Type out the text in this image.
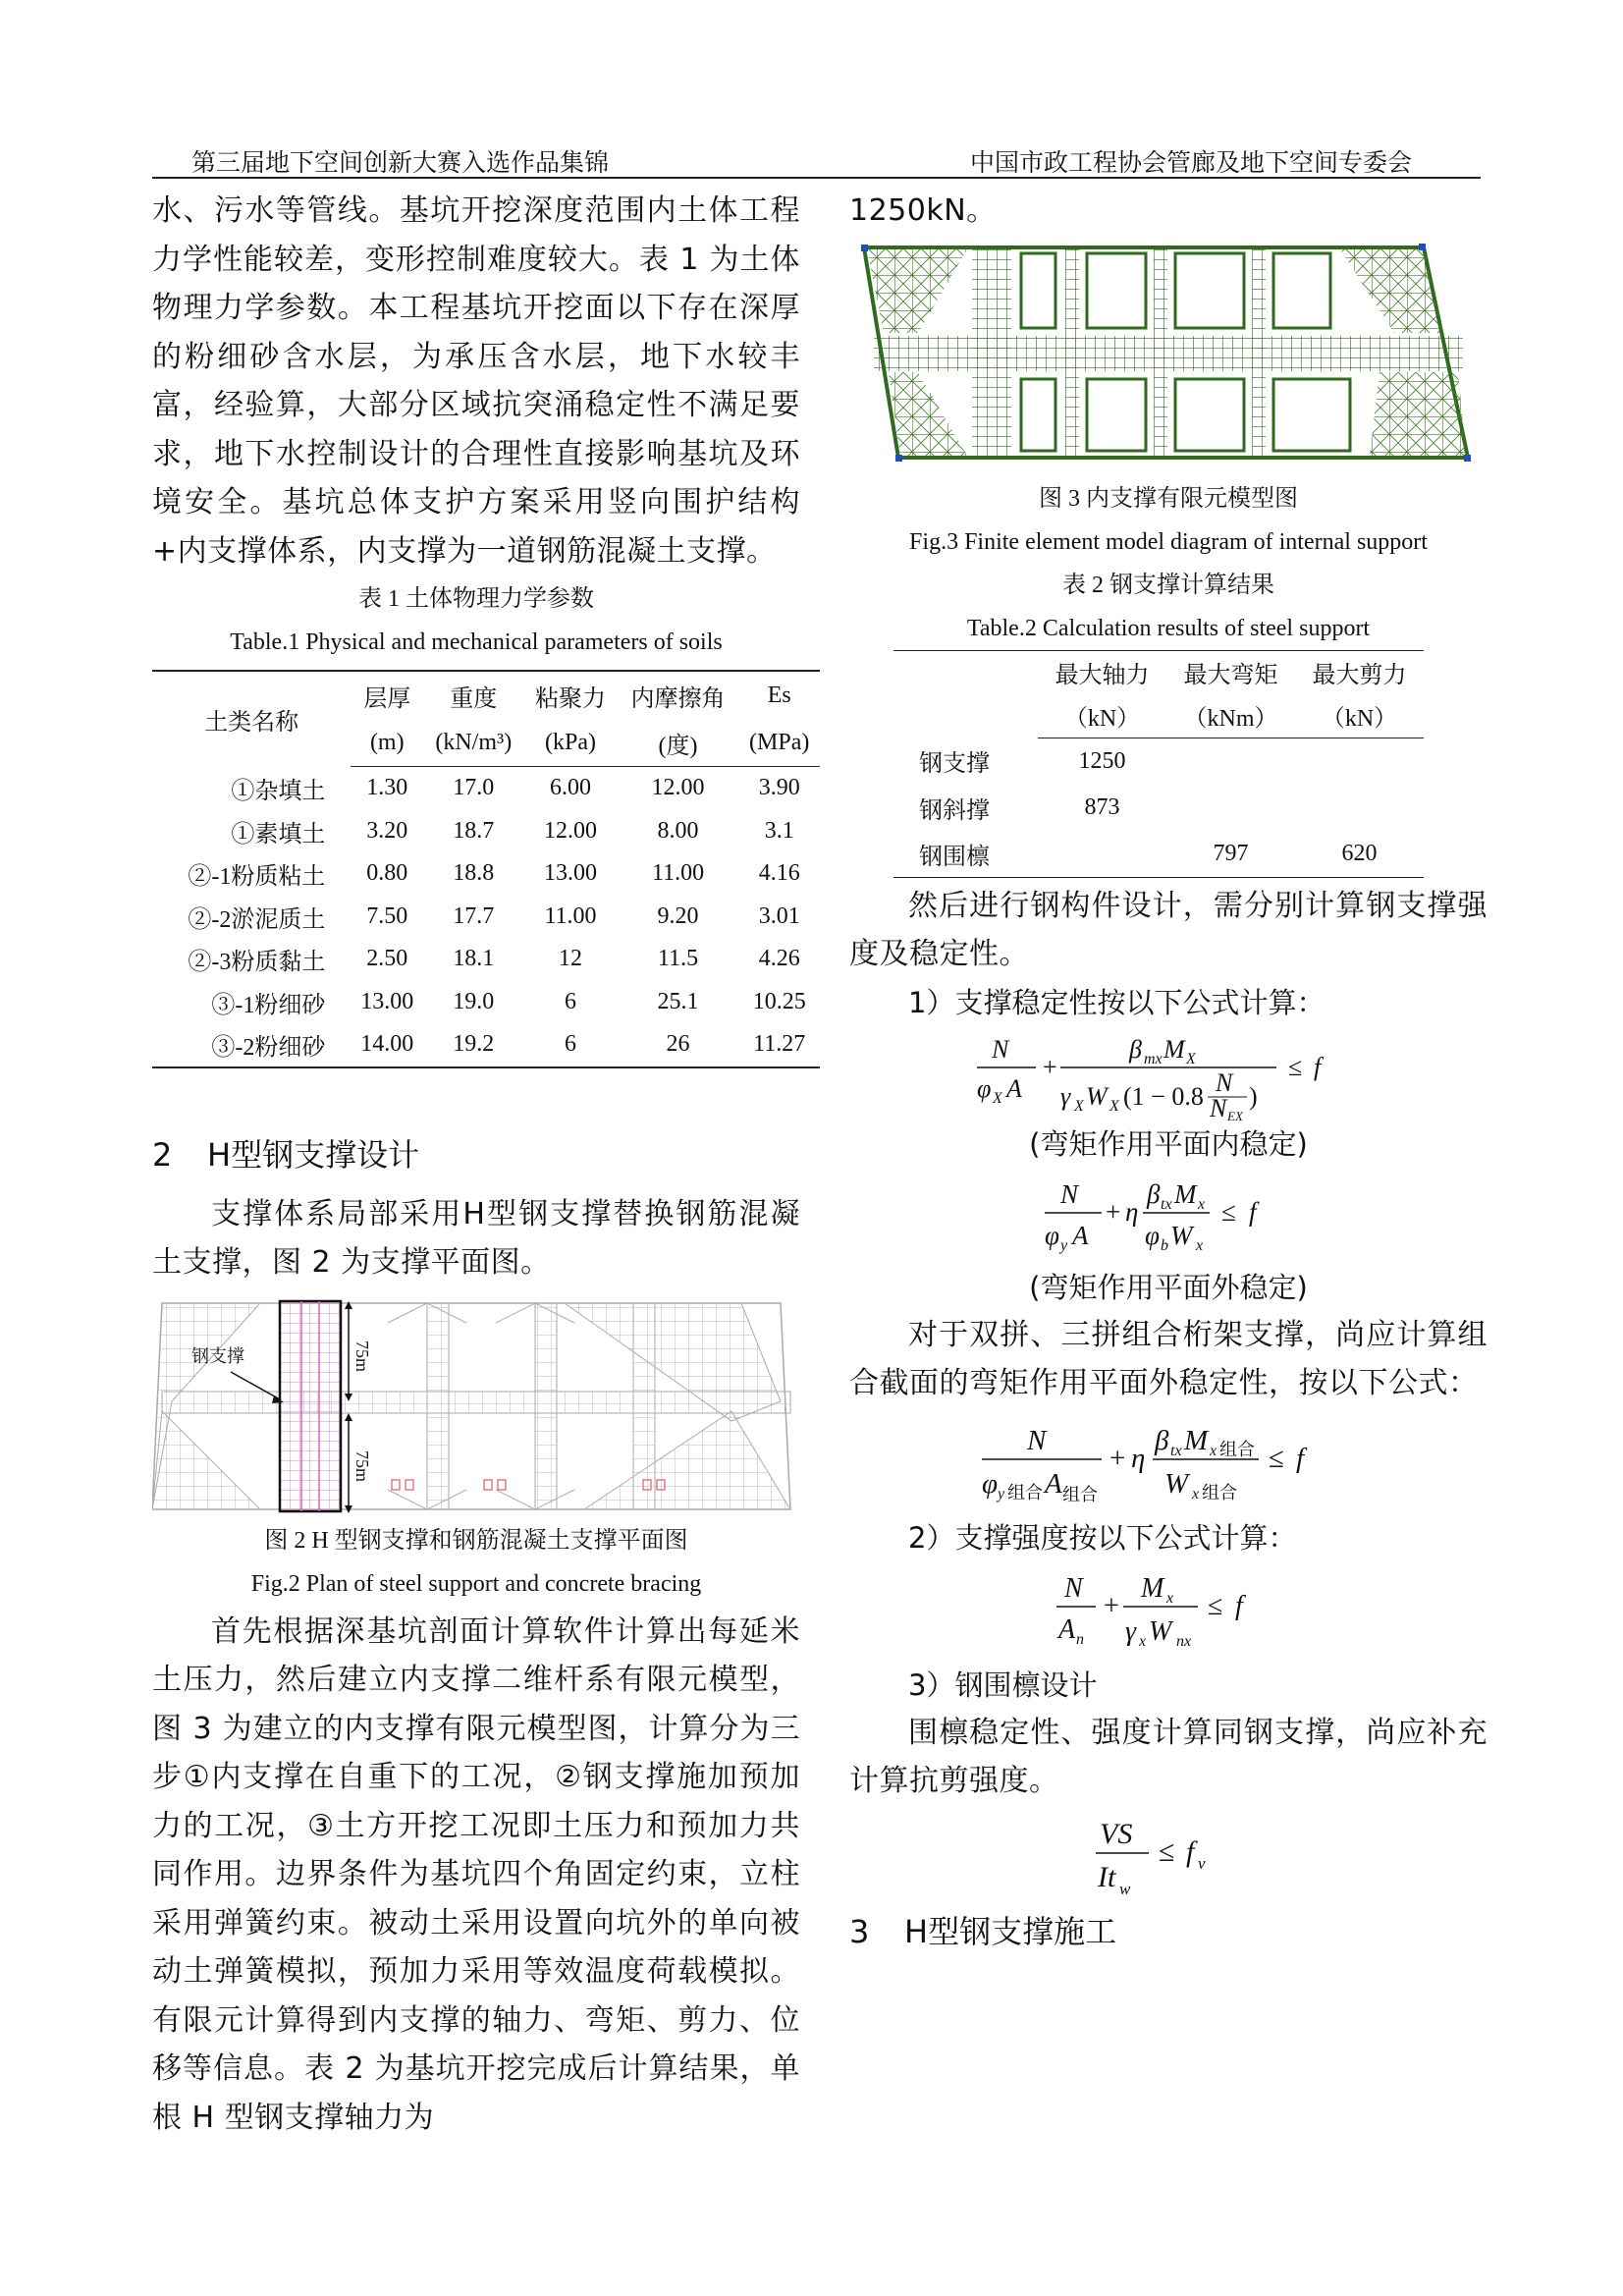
第三届地下空间创新大赛入选作品集锦	中国市政工程协会管廊及地下空间专委会

水、污水等管线。基坑开挖深度范围内土体工程力学性能较差，变形控制难度较大。表 1 为土体物理力学参数。本工程基坑开挖面以下存在深厚的粉细砂含水层，为承压含水层，地下水较丰富，经验算，大部分区域抗突涌稳定性不满足要求，地下水控制设计的合理性直接影响基坑及环境安全。基坑总体支护方案采用竖向围护结构+内支撑体系，内支撑为一道钢筋混凝土支撑。

表 1 土体物理力学参数

Table.1 Physical and mechanical parameters of soils

土类名称	层厚	重度	粘聚力	内摩擦角	Es
	(m)	(kN/m³)	(kPa)	(度)	(MPa)
①杂填土	1.30	17.0	6.00	12.00	3.90
①素填土	3.20	18.7	12.00	8.00	3.1
②-1粉质粘土	0.80	18.8	13.00	11.00	4.16
②-2淤泥质土	7.50	17.7	11.00	9.20	3.01
②-3粉质黏土	2.50	18.1	12	11.5	4.26
③-1粉细砂	13.00	19.0	6	25.1	10.25
③-2粉细砂	14.00	19.2	6	26	11.27
2 H型钢支撑设计

支撑体系局部采用H型钢支撑替换钢筋混凝土支撑，图 2 为支撑平面图。

75m
75m
钢支撑

图 2 H 型钢支撑和钢筋混凝土支撑平面图

Fig.2 Plan of steel support and concrete bracing

首先根据深基坑剖面计算软件计算出每延米土压力，然后建立内支撑二维杆系有限元模型，图 3 为建立的内支撑有限元模型图，计算分为三步①内支撑在自重下的工况，②钢支撑施加预加力的工况，③土方开挖工况即土压力和预加力共同作用。边界条件为基坑四个角固定约束，立柱采用弹簧约束。被动土采用设置向坑外的单向被动土弹簧模拟，预加力采用等效温度荷载模拟。有限元计算得到内支撑的轴力、弯矩、剪力、位移等信息。表 2 为基坑开挖完成后计算结果，单根 H 型钢支撑轴力为

1250kN。

图 3 内支撑有限元模型图

Fig.3 Finite element model diagram of internal support

表 2 钢支撑计算结果

Table.2 Calculation results of steel support

	最大轴力	最大弯矩	最大剪力
	（kN）	（kNm）	（kN）
钢支撑	1250		
钢斜撑	873		
钢围檩		797	620

然后进行钢构件设计，需分别计算钢支撑强度及稳定性。

1）支撑稳定性按以下公式计算：

N
φ X A
+
β mx M X
γ X W X (1 − 0.8 N
N EX
)
≤ f

(弯矩作用平面内稳定)

N
φ y A
+ η
β tx M x
φ b W x
≤ f

(弯矩作用平面外稳定)

对于双拼、三拼组合桁架支撑，尚应计算组合截面的弯矩作用平面外稳定性，按以下公式：

N
φ y 组合 A 组合
+ η
β tx M x 组合
W x 组合
≤ f

2）支撑强度按以下公式计算：

N
A n
+
M x
γ x W nx
≤ f

3）钢围檩设计

围檩稳定性、强度计算同钢支撑，尚应补充计算抗剪强度。

VS
It w
≤ f v
3 H型钢支撑施工
